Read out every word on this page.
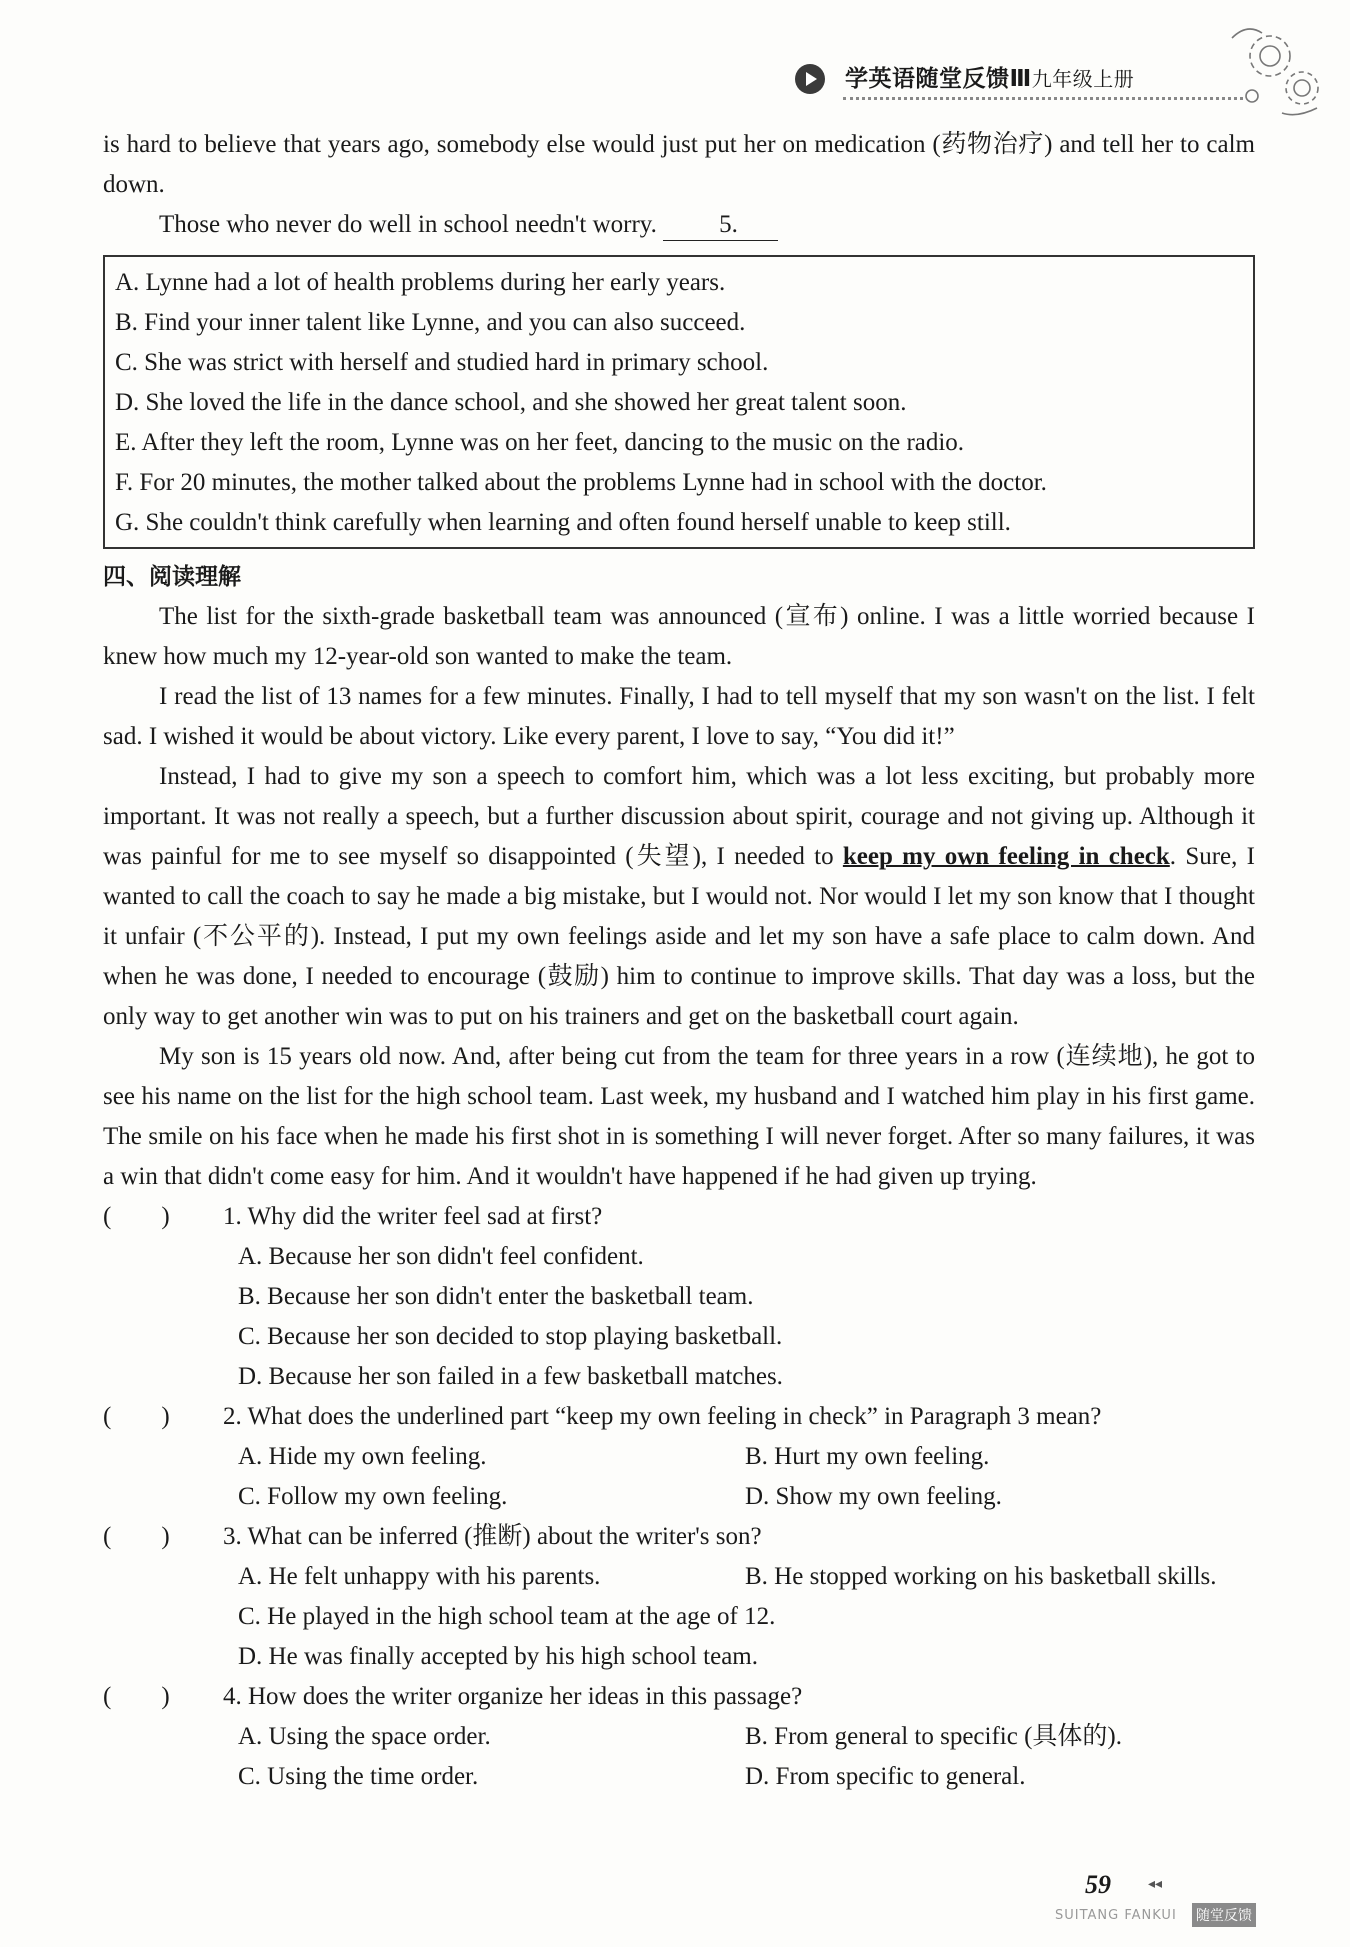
学英语随堂反馈Ⅲ九年级上册

is hard to believe that years ago, somebody else would just put her on medication (药物治疗) and tell her to calm down.

Those who never do well in school needn't worry. 5.

A. Lynne had a lot of health problems during her early years.

B. Find your inner talent like Lynne, and you can also succeed.

C. She was strict with herself and studied hard in primary school.

D. She loved the life in the dance school, and she showed her great talent soon.

E. After they left the room, Lynne was on her feet, dancing to the music on the radio.

F. For 20 minutes, the mother talked about the problems Lynne had in school with the doctor.

G. She couldn't think carefully when learning and often found herself unable to keep still.

四、阅读理解

The list for the sixth-grade basketball team was announced (宣布) online. I was a little worried because I knew how much my 12-year-old son wanted to make the team.

I read the list of 13 names for a few minutes. Finally, I had to tell myself that my son wasn't on the list. I felt sad. I wished it would be about victory. Like every parent, I love to say, “You did it!”

Instead, I had to give my son a speech to comfort him, which was a lot less exciting, but probably more important. It was not really a speech, but a further discussion about spirit, courage and not giving up. Although it was painful for me to see myself so disappointed (失望), I needed to keep my own feeling in check. Sure, I wanted to call the coach to say he made a big mistake, but I would not. Nor would I let my son know that I thought it unfair (不公平的). Instead, I put my own feelings aside and let my son have a safe place to calm down. And when he was done, I needed to encourage (鼓励) him to continue to improve skills. That day was a loss, but the only way to get another win was to put on his trainers and get on the basketball court again.

My son is 15 years old now. And, after being cut from the team for three years in a row (连续地), he got to see his name on the list for the high school team. Last week, my husband and I watched him play in his first game. The smile on his face when he made his first shot in is something I will never forget. After so many failures, it was a win that didn't come easy for him. And it wouldn't have happened if he had given up trying.

(　　)	1. Why did the writer feel sad at first?

A. Because her son didn't feel confident.

B. Because her son didn't enter the basketball team.

C. Because her son decided to stop playing basketball.

D. Because her son failed in a few basketball matches.

(　　)	2. What does the underlined part “keep my own feeling in check” in Paragraph 3 mean?
A. Hide my own feeling.	B. Hurt my own feeling.
C. Follow my own feeling.	D. Show my own feeling.
(　　)	3. What can be inferred (推断) about the writer's son?
A. He felt unhappy with his parents.	B. He stopped working on his basketball skills.

C. He played in the high school team at the age of 12.

D. He was finally accepted by his high school team.

(　　)	4. How does the writer organize her ideas in this passage?
A. Using the space order.	B. From general to specific (具体的).
C. Using the time order.	D. From specific to general.
59	◂◂
SUITANG FANKUI 随堂反馈
